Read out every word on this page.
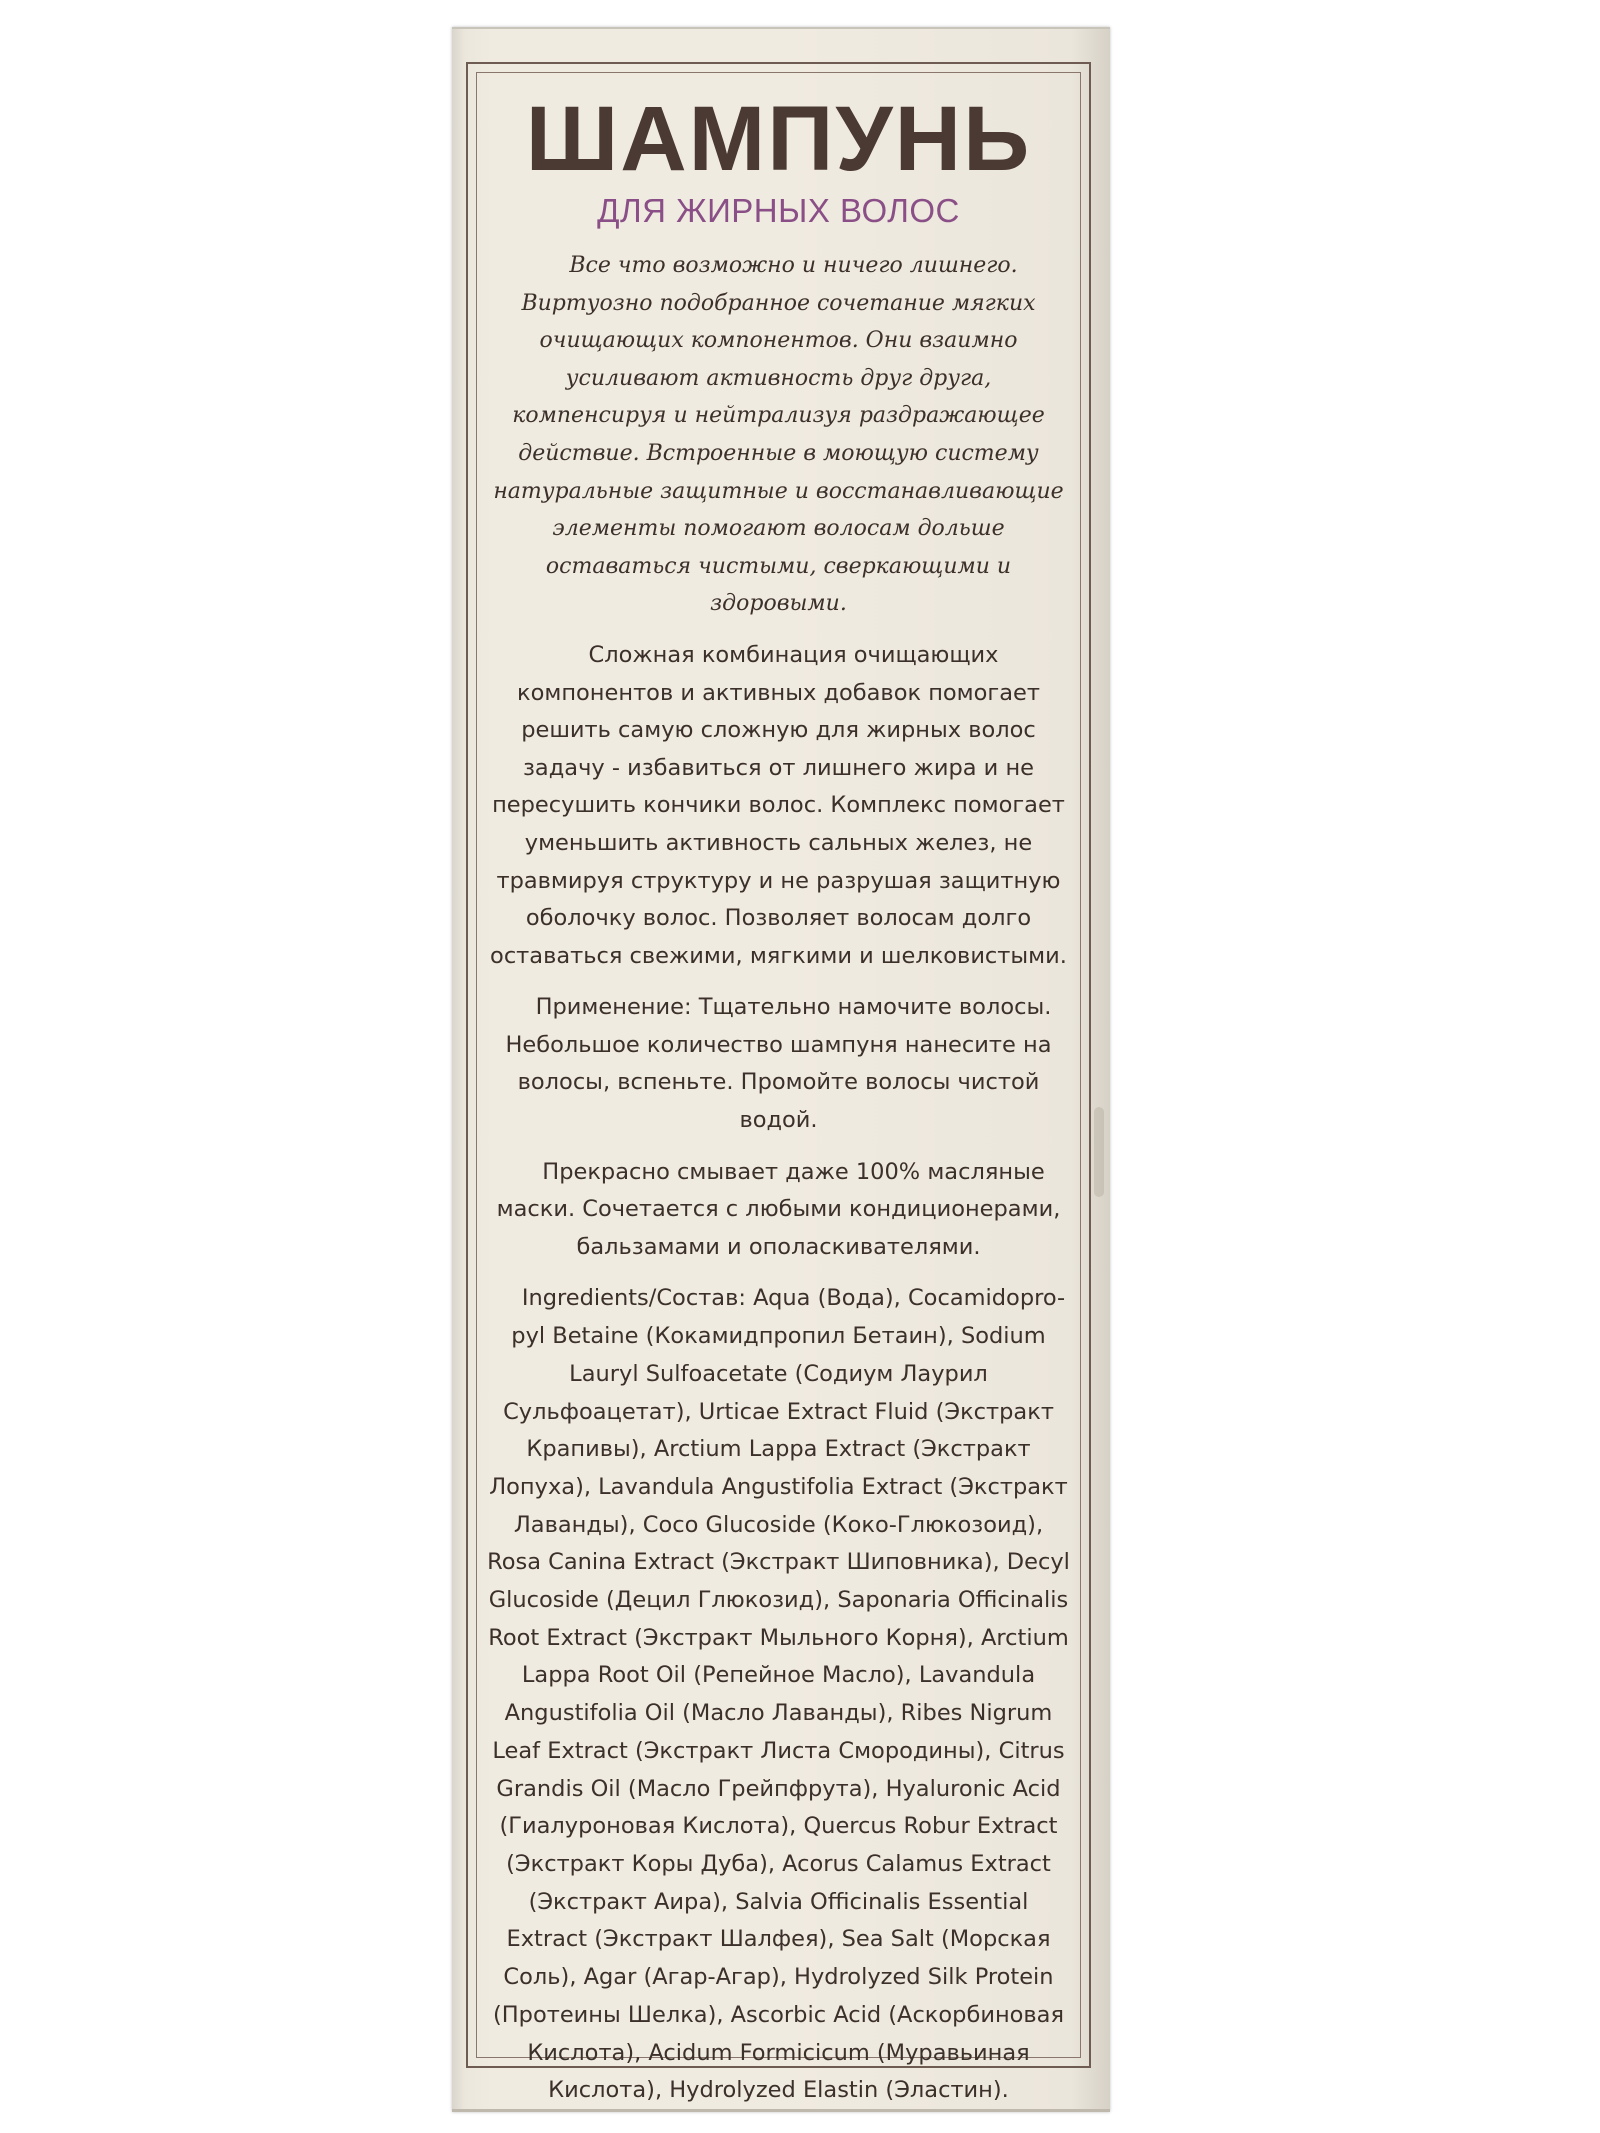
ШАМПУНЬ
ДЛЯ ЖИРНЫХ ВОЛОС

Все что возможно и ничего лишнего. Виртуозно подобранное сочетание мягких очищающих компонентов. Они взаимно усиливают активность друг друга, компенсируя и нейтрализуя раздражающее действие. Встроенные в моющую систему натуральные защитные и восстанавливающие элементы помогают волосам дольше оставаться чистыми, сверкающими и здоровыми.

Сложная комбинация очищающих компонентов и активных добавок помогает решить самую сложную для жирных волос задачу - избавиться от лишнего жира и не пересушить кончики волос. Комплекс помогает уменьшить активность сальных желез, не травмируя структуру и не разрушая защитную оболочку волос. Позволяет волосам долго оставаться свежими, мягкими и шелковистыми.

Применение: Тщательно намочите волосы. Небольшое количество шампуня нанесите на волосы, вспеньте. Промойте волосы чистой водой.

Прекрасно смывает даже 100% масляные маски. Сочетается с любыми кондиционерами, бальзамами и ополаскивателями.

Ingredients/Состав: Aqua (Вода), Cocamidopro-pyl Betaine (Кокамидпропил Бетаин), Sodium Lauryl Sulfoacetate (Содиум Лаурил Сульфоацетат), Urticae Extract Fluid (Экстракт Крапивы), Arctium Lappa Extract (Экстракт Лопуха), Lavandula Angustifolia Extract (Экстракт Лаванды), Coco Glucoside (Коко-Глюкозоид), Rosa Canina Extract (Экстракт Шиповника), Decyl Glucoside (Децил Глюкозид), Saponaria Officinalis Root Extract (Экстракт Мыльного Корня), Arctium Lappa Root Oil (Репейное Масло), Lavandula Angustifolia Oil (Масло Лаванды), Ribes Nigrum Leaf Extract (Экстракт Листа Смородины), Citrus Grandis Oil (Масло Грейпфрута), Hyaluronic Acid (Гиалуроновая Кислота), Quercus Robur Extract (Экстракт Коры Дуба), Acorus Calamus Extract (Экстракт Аира), Salvia Officinalis Essential Extract (Экстракт Шалфея), Sea Salt (Морская Соль), Agar (Агар-Агар), Hydrolyzed Silk Protein (Протеины Шелка), Ascorbic Acid (Аскорбиновая Кислота), Acidum Formicicum (Муравьиная Кислота), Hydrolyzed Elastin (Эластин).
